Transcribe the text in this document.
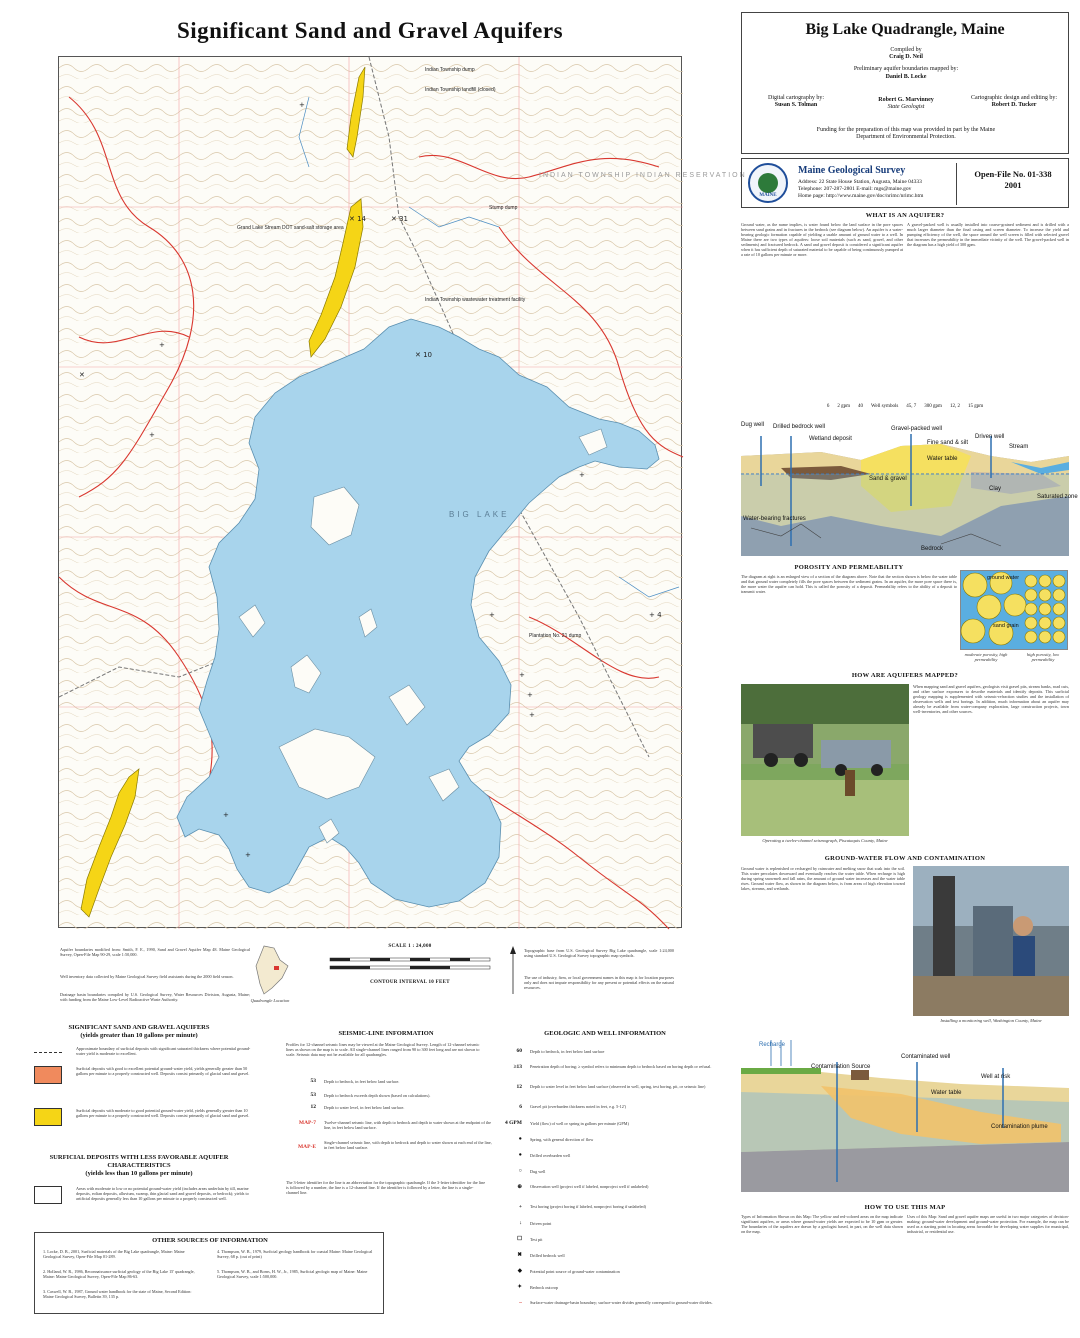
Significant Sand and Gravel Aquifers
Indian Township dump
Indian Township landfill (closed)
INDIAN TOWNSHIP INDIAN RESERVATION
Stump dump
Grand Lake Stream DOT sand-salt storage area
Indian Township wastewater treatment facility
BIG LAKE
Plantation No. 21 dump
✕ 14	✕ 31
✕ 10
+
+
+
+
+
+
+
+
+ 4
+
✕
+
Aquifer boundaries modified from: Smith, F. E., 1990, Sand and Gravel Aquifer Map 48. Maine Geological Survey, Open-File Map 90-29, scale 1:50,000.
Well inventory data collected by Maine Geological Survey field assistants during the 2000 field season.
Drainage basin boundaries compiled by U.S. Geological Survey, Water Resources Division, Augusta, Maine; with funding from the Maine Low-Level Radioactive Waste Authority.	Quadrangle Location
SCALE 1 : 24,000
CONTOUR INTERVAL 10 FEET
Topographic base from U.S. Geological Survey Big Lake quadrangle, scale 1:24,000 using standard U.S. Geological Survey topographic map symbols.
The use of industry, firm, or local government names in this map is for location purposes only and does not impute responsibility for any present or potential effects on the natural resources.
Big Lake Quadrangle, Maine
Compiled by
Craig D. Neil
Preliminary aquifer boundaries mapped by:
Daniel B. Locke
Digital cartography by:
Susan S. Tolman
Robert G. Marvinney
State Geologist
Cartographic design and editing by:
Robert D. Tucker
Funding for the preparation of this map was provided in part by the Maine Department of Environmental Protection.
MAINE
Maine Geological Survey
Address: 22 State House Station, Augusta, Maine 04333
Telephone: 207-287-2801 E-mail: mgs@maine.gov
Home page: http://www.maine.gov/doc/nrimc/nrimc.htm
Open-File No. 01-338
2001
WHAT IS AN AQUIFER?
Ground water, as the name implies, is water found below the land surface in the pore spaces between sand grains and in fractures in the bedrock (see diagram below). An aquifer is a water-bearing geologic formation capable of yielding a usable amount of ground water to a well. In Maine there are two types of aquifers: loose soil materials (such as sand, gravel, and other sediments) and fractured bedrock. A sand and gravel deposit is considered a significant aquifer when it has sufficient depth of saturated material to be capable of being continuously pumped at a rate of 10 gallons per minute or more.
A gravel-packed well is usually installed into coarse-grained sediment and is drilled with a much larger diameter than the final casing and screen diameter. To increase the yield and pumping efficiency of the well, the space around the well screen is filled with selected gravel that increases the permeability in the immediate vicinity of the well. The gravel-packed well in the diagram has a high yield of 300 gpm.
6 2 gpm 40 Well symbols 45, 7 300 gpm 12, 2 15 gpm
Dug well Drilled bedrock well
Wetland deposit
Gravel-packed well
Fine sand & silt
Driven well
Stream
Water table
Sand & gravel
Clay
Saturated zone
Water-bearing fractures
Bedrock
POROSITY AND PERMEABILITY
The diagram at right is an enlarged view of a section of the diagram above. Note that the section shown is below the water table and that ground water completely fills the pore spaces between the sediment grains. In an aquifer, the more pore space there is, the more water the aquifer can hold. This is called the porosity of a deposit. Permeability refers to the ability of a deposit to transmit water.
ground water
sand grain
moderate porosity, high permeability
high porosity, low permeability
HOW ARE AQUIFERS MAPPED?
Operating a twelve-channel seismograph, Piscataquis County, Maine
When mapping sand and gravel aquifers, geologists visit gravel pits, stream banks, road cuts, and other surface exposures to describe materials and identify deposits. This surficial geology mapping is supplemented with seismic-refraction studies and the installation of observation wells and test borings. In addition, much information about an aquifer may already be available from water-company exploration, large construction projects, town well-inventories, and other sources.
GROUND-WATER FLOW AND CONTAMINATION
Ground water is replenished or recharged by rainwater and melting snow that soak into the soil. This water percolates downward and eventually reaches the water table. When recharge is high during spring snowmelt and fall rains, the amount of ground water increases and the water table rises. Ground water flow, as shown in the diagram below, is from areas of high elevation toward lakes, streams, and wetlands.
Installing a monitoring well, Washington County, Maine
Recharge
Contaminated well
Contamination Source
Well at risk
Water table
Contamination plume
HOW TO USE THIS MAP
Types of Information Shown on this Map: The yellow and red-colored areas on the map indicate significant aquifers, or areas where ground-water yields are expected to be 10 gpm or greater. The boundaries of the aquifers are drawn by a geologist based, in part, on the well data shown on the map.
Uses of this Map: Sand and gravel aquifer maps are useful in two major categories of decision-making: ground-water development and ground-water protection. For example, the map can be used as a starting point in locating areas favorable for developing water supplies for municipal, industrial, or residential use.
SIGNIFICANT SAND AND GRAVEL AQUIFERS
(yields greater than 10 gallons per minute)
Approximate boundary of surficial deposits with significant saturated thickness where potential ground-water yield is moderate to excellent.
Surficial deposits with good to excellent potential ground-water yield, yields generally greater than 50 gallons per minute to a properly constructed well. Deposits consist primarily of glacial sand and gravel.
Surficial deposits with moderate to good potential ground-water yield, yields generally greater than 10 gallons per minute to a properly constructed well. Deposits consist primarily of glacial sand and gravel.
SURFICIAL DEPOSITS WITH LESS FAVORABLE AQUIFER CHARACTERISTICS
(yields less than 10 gallons per minute)
Areas with moderate to low or no potential ground-water yield (includes areas underlain by till, marine deposits, eolian deposits, alluvium, swamp, thin glacial sand and gravel deposits, or bedrock); yields to artificial deposits generally less than 10 gallons per minute to a properly constructed well.
OTHER SOURCES OF INFORMATION
1. Locke, D. B., 2001, Surficial materials of the Big Lake quadrangle, Maine: Maine Geological Survey, Open-File Map 01-289.
2. Holland, W. R., 1986, Reconnaissance surficial geology of the Big Lake 15' quadrangle, Maine: Maine Geological Survey, Open-File Map 86-63.
3. Caswell, W. B., 1987, Ground water handbook for the state of Maine, Second Edition: Maine Geological Survey, Bulletin 39, 135 p.
4. Thompson, W. B., 1979, Surficial geology handbook for coastal Maine: Maine Geological Survey, 68 p. (out of print)
5. Thompson, W. B., and Borns, H. W., Jr., 1985, Surficial geologic map of Maine: Maine Geological Survey, scale 1:500,000.
SEISMIC-LINE INFORMATION
Profiles for 12-channel seismic lines may be viewed at the Maine Geological Survey. Length of 12-channel seismic lines as shown on the map is to scale. All single-channel lines ranged from 90 to 300 feet long and are not shown to scale. Seismic data may not be available for all quadrangles.
53 Depth to bedrock, in feet below land surface.
53 Depth to bedrock exceeds depth shown (based on calculations).
12 Depth to water level, in feet below land surface.
MAP-7 Twelve-channel seismic line, with depth to bedrock and depth to water shown at the endpoint of the line, in feet below land surface.
MAP-E
Single-channel seismic line, with depth to bedrock and depth to water shown at each end of the line, in feet below land surface.
The 3-letter identifier for the line is an abbreviation for the topographic quadrangle. If the 3-letter identifier for the line is followed by a number, the line is a 12-channel line. If the identifier is followed by a letter, the line is a single-channel line.
GEOLOGIC AND WELL INFORMATION
60 Depth to bedrock, in feet below land surface
≥13 Penetration depth of boring; ≥ symbol refers to minimum depth to bedrock based on boring depth or refusal.
12 Depth to water level in feet below land surface (observed in well, spring, test boring, pit, or seismic line)
6 Gravel pit (overburden thickness noted in feet, e.g. 5-12')
4 GPM Yield (flow) of well or spring in gallons per minute (GPM)
● Spring, with general direction of flow
● Drilled overburden well
○ Dug well
⊕ Observation well (project well if labeled, nonproject well if unlabeled)
+ Test boring (project boring if labeled, nonproject boring if unlabeled)
↓ Driven point
☐ Test pit
✖ Drilled bedrock well
◆ Potential point source of ground-water contamination
✦ Bedrock outcrop
~ Surface-water drainage-basin boundary; surface-water divides generally correspond to ground-water divides.
